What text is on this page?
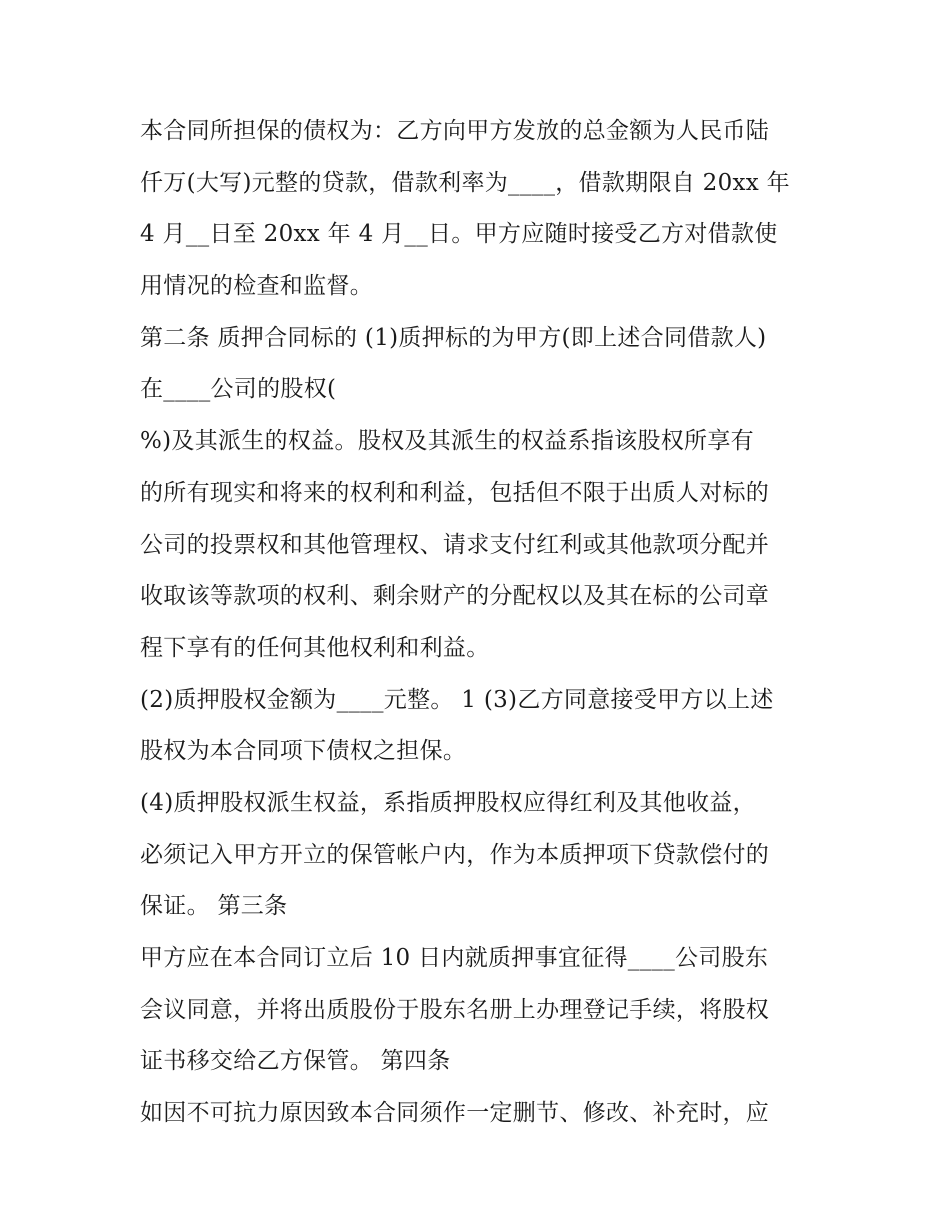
本合同所担保的债权为：乙方向甲方发放的总金额为人民币陆
仟万(大写)元整的贷款，借款利率为____，借款期限自 20xx 年
4 月__日至 20xx 年 4 月__日。甲方应随时接受乙方对借款使
用情况的检查和监督。
第二条 质押合同标的 (1)质押标的为甲方(即上述合同借款人)
在____公司的股权(
%)及其派生的权益。股权及其派生的权益系指该股权所享有
的所有现实和将来的权利和利益，包括但不限于出质人对标的
公司的投票权和其他管理权、请求支付红利或其他款项分配并
收取该等款项的权利、剩余财产的分配权以及其在标的公司章
程下享有的任何其他权利和利益。
(2)质押股权金额为____元整。 1 (3)乙方同意接受甲方以上述
股权为本合同项下债权之担保。
(4)质押股权派生权益，系指质押股权应得红利及其他收益，
必须记入甲方开立的保管帐户内，作为本质押项下贷款偿付的
保证。 第三条
甲方应在本合同订立后 10 日内就质押事宜征得____公司股东
会议同意，并将出质股份于股东名册上办理登记手续，将股权
证书移交给乙方保管。 第四条
如因不可抗力原因致本合同须作一定删节、修改、补充时，应
